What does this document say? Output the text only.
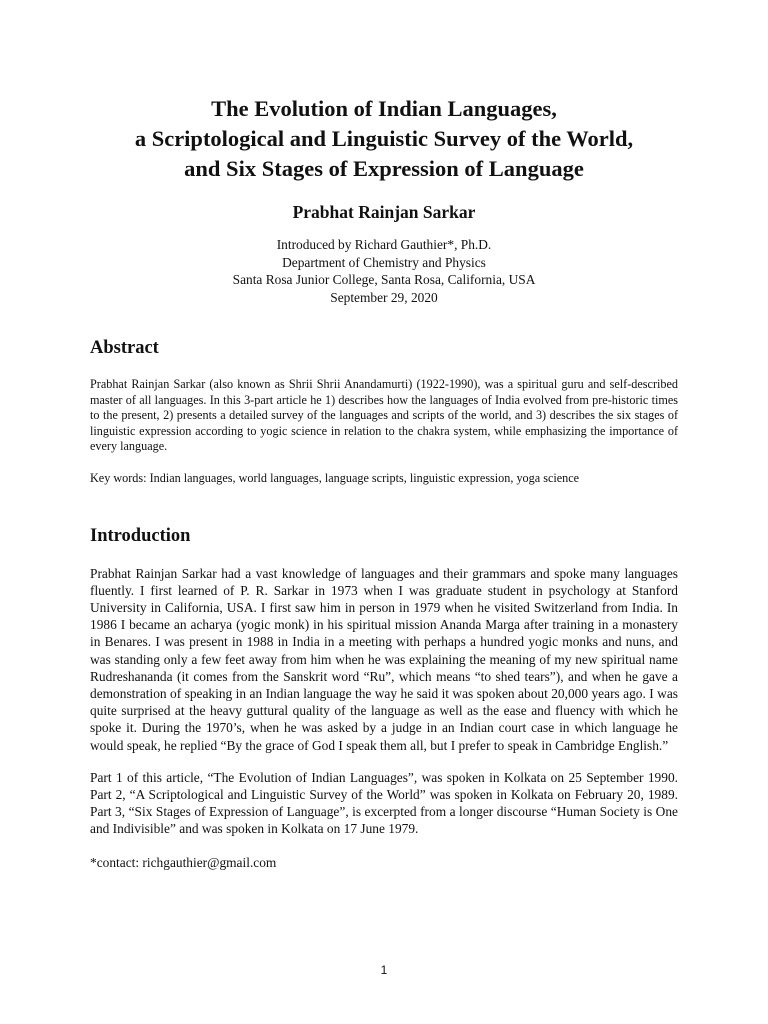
The Evolution of Indian Languages,
a Scriptological and Linguistic Survey of the World,
and Six Stages of Expression of Language
Prabhat Rainjan Sarkar
Introduced by Richard Gauthier*, Ph.D.
Department of Chemistry and Physics
Santa Rosa Junior College, Santa Rosa, California, USA
September 29, 2020
Abstract

Prabhat Rainjan Sarkar (also known as Shrii Shrii Anandamurti) (1922-1990), was a spiritual guru and self-described master of all languages. In this 3-part article he 1) describes how the languages of India evolved from pre-historic times to the present, 2) presents a detailed survey of the languages and scripts of the world, and 3) describes the six stages of linguistic expression according to yogic science in relation to the chakra system, while emphasizing the importance of every language.

Key words: Indian languages, world languages, language scripts, linguistic expression, yoga science

Introduction

Prabhat Rainjan Sarkar had a vast knowledge of languages and their grammars and spoke many languages fluently. I first learned of P. R. Sarkar in 1973 when I was graduate student in psychology at Stanford University in California, USA. I first saw him in person in 1979 when he visited Switzerland from India. In 1986 I became an acharya (yogic monk) in his spiritual mission Ananda Marga after training in a monastery in Benares. I was present in 1988 in India in a meeting with perhaps a hundred yogic monks and nuns, and was standing only a few feet away from him when he was explaining the meaning of my new spiritual name Rudreshananda (it comes from the Sanskrit word “Ru”, which means “to shed tears”), and when he gave a demonstration of speaking in an Indian language the way he said it was spoken about 20,000 years ago. I was quite surprised at the heavy guttural quality of the language as well as the ease and fluency with which he spoke it. During the 1970’s, when he was asked by a judge in an Indian court case in which language he would speak, he replied “By the grace of God I speak them all, but I prefer to speak in Cambridge English.”

Part 1 of this article, “The Evolution of Indian Languages”, was spoken in Kolkata on 25 September 1990. Part 2, “A Scriptological and Linguistic Survey of the World” was spoken in Kolkata on February 20, 1989. Part 3, “Six Stages of Expression of Language”, is excerpted from a longer discourse “Human Society is One and Indivisible” and was spoken in Kolkata on 17 June 1979.

*contact: richgauthier@gmail.com

1
